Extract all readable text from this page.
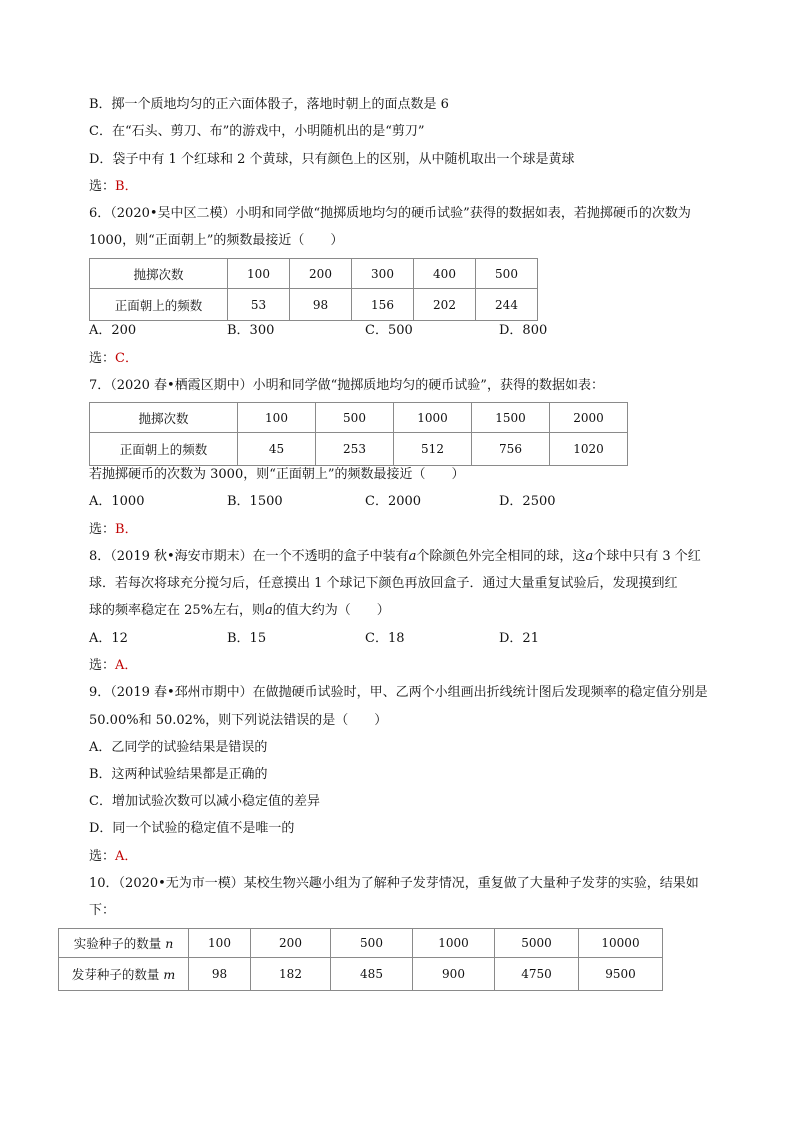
B．掷一个质地均匀的正六面体骰子，落地时朝上的面点数是 6
C．在“石头、剪刀、布”的游戏中，小明随机出的是“剪刀”
D．袋子中有 1 个红球和 2 个黄球，只有颜色上的区别，从中随机取出一个球是黄球
选：B．
6．（2020•吴中区二模）小明和同学做“抛掷质地均匀的硬币试验”获得的数据如表，若抛掷硬币的次数为
1000，则“正面朝上”的频数最接近（　　）
抛掷次数	100	200	300	400	500
正面朝上的频数	53	98	156	202	244
A．200	B．300	C．500	D．800
选：C．
7．（2020 春•栖霞区期中）小明和同学做“抛掷质地均匀的硬币试验”，获得的数据如表：
抛掷次数	100	500	1000	1500	2000
正面朝上的频数	45	253	512	756	1020
若抛掷硬币的次数为 3000，则“正面朝上”的频数最接近（　　）
A．1000	B．1500	C．2000	D．2500
选：B．
8．（2019 秋•海安市期末）在一个不透明的盒子中装有a个除颜色外完全相同的球，这a个球中只有 3 个红
球．若每次将球充分搅匀后，任意摸出 1 个球记下颜色再放回盒子．通过大量重复试验后，发现摸到红
球的频率稳定在 25%左右，则a的值大约为（　　）
A．12	B．15	C．18	D．21
选：A．
9．（2019 春•邳州市期中）在做抛硬币试验时，甲、乙两个小组画出折线统计图后发现频率的稳定值分别是
50.00%和 50.02%，则下列说法错误的是（　　）
A．乙同学的试验结果是错误的
B．这两种试验结果都是正确的
C．增加试验次数可以减小稳定值的差异
D．同一个试验的稳定值不是唯一的
选：A．
10．（2020•无为市一模）某校生物兴趣小组为了解种子发芽情况，重复做了大量种子发芽的实验，结果如
下：
实验种子的数量 n	100	200	500	1000	5000	10000
发芽种子的数量 m	98	182	485	900	4750	9500
